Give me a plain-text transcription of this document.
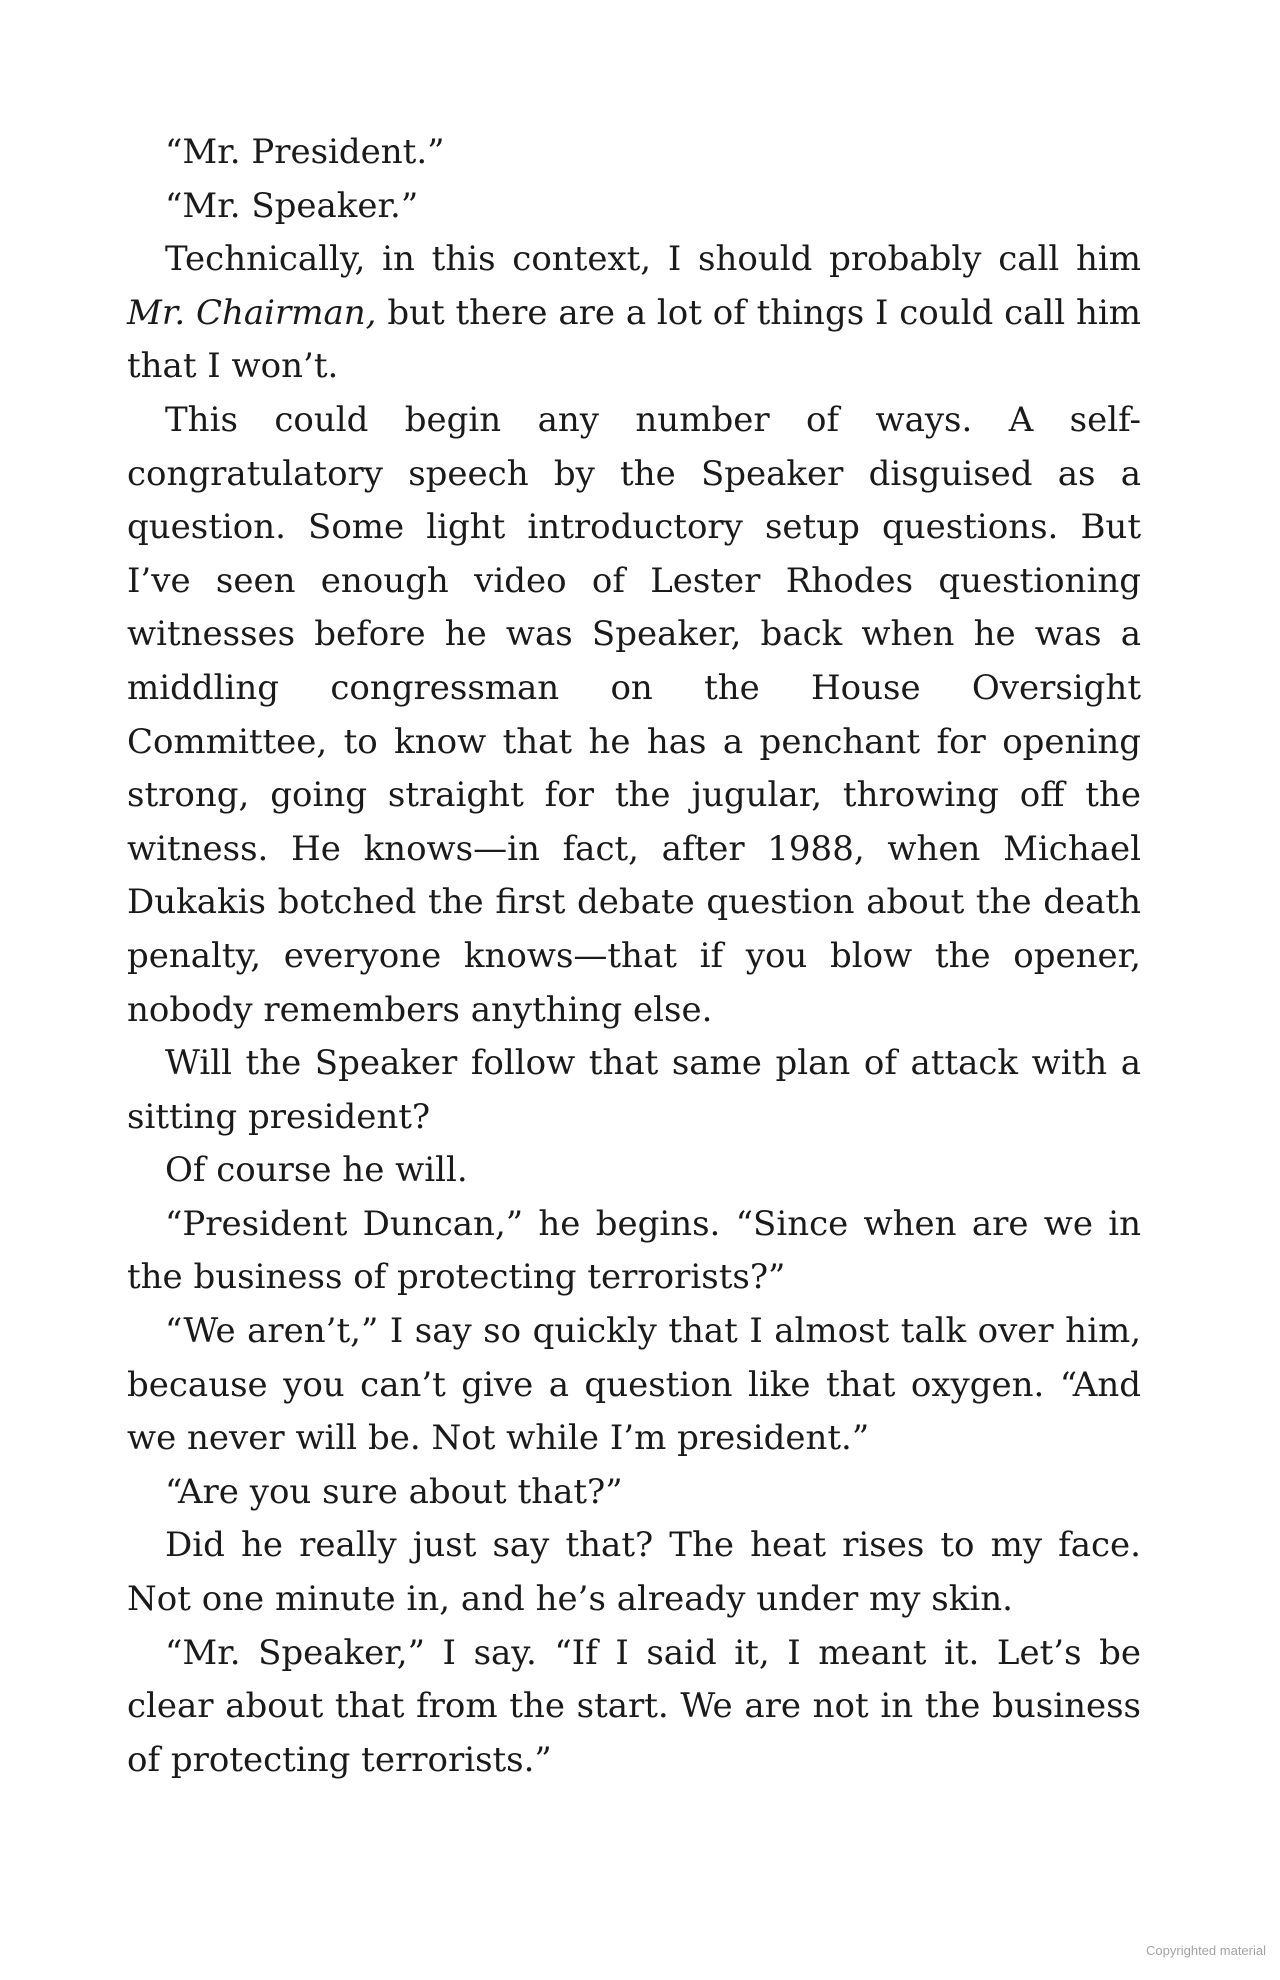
“Mr. President.”

“Mr. Speaker.”

Technically, in this context, I should probably call him Mr. Chairman, but there are a lot of things I could call him that I won’t.

This could begin any number of ways. A self-congratulatory speech by the Speaker disguised as a question. Some light introductory setup questions. But I’ve seen enough video of Lester Rhodes questioning witnesses before he was Speaker, back when he was a middling congressman on the House Oversight Committee, to know that he has a penchant for opening strong, going straight for the jugular, throwing off the witness. He knows—in fact, after 1988, when Michael Dukakis botched the first debate question about the death penalty, everyone knows—that if you blow the opener, nobody remembers anything else.

Will the Speaker follow that same plan of attack with a sitting president?

Of course he will.

“President Duncan,” he begins. “Since when are we in the business of protecting terrorists?”

“We aren’t,” I say so quickly that I almost talk over him, because you can’t give a question like that oxygen. “And we never will be. Not while I’m president.”

“Are you sure about that?”

Did he really just say that? The heat rises to my face. Not one minute in, and he’s already under my skin.

“Mr. Speaker,” I say. “If I said it, I meant it. Let’s be clear about that from the start. We are not in the business of protecting terrorists.”

Copyrighted material
